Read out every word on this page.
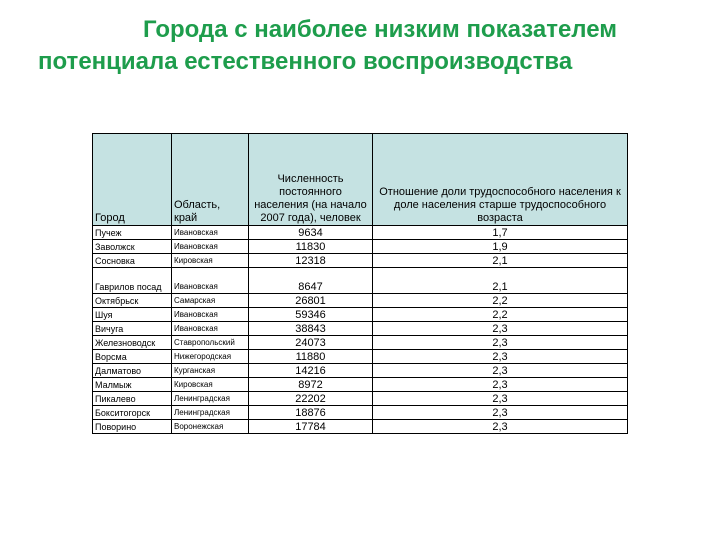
Города с наиболее низким показателем
потенциала естественного воспроизводства
Город	Область, край	Численность постоянного населения (на начало 2007 года), человек	Отношение доли трудоспособного населения к доле населения старше трудоспособного возраста
Пучеж	Ивановская	9634	1,7
Заволжск	Ивановская	11830	1,9
Сосновка	Кировская	12318	2,1
Гаврилов посад	Ивановская	8647	2,1
Октябрьск	Самарская	26801	2,2
Шуя	Ивановская	59346	2,2
Вичуга	Ивановская	38843	2,3
Железноводск	Ставропольский	24073	2,3
Ворсма	Нижегородская	11880	2,3
Далматово	Курганская	14216	2,3
Малмыж	Кировская	8972	2,3
Пикалево	Ленинградская	22202	2,3
Бокситогорск	Ленинградская	18876	2,3
Поворино	Воронежская	17784	2,3
